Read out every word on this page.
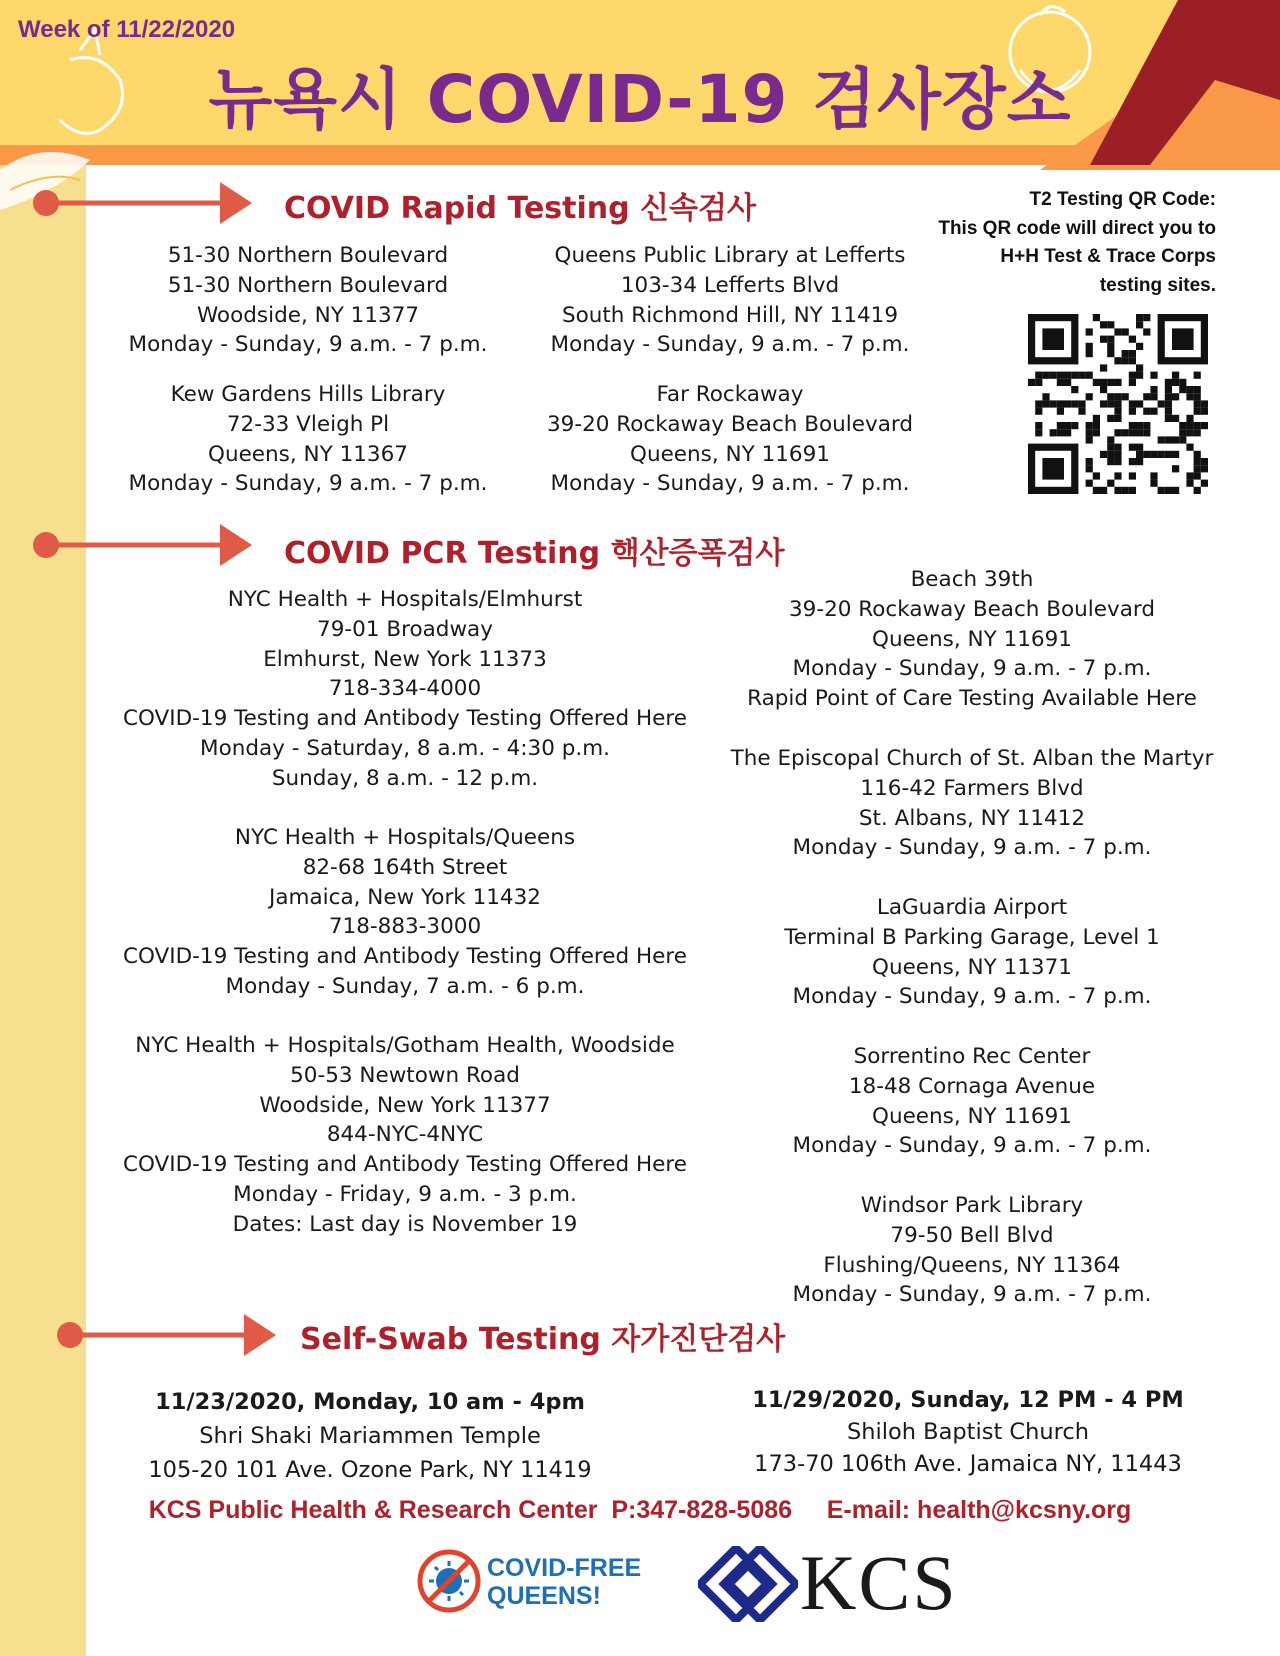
Week of 11/22/2020
뉴욕시 COVID-19 검사장소
COVID Rapid Testing 신속검사
51-30 Northern Boulevard
51-30 Northern Boulevard
Woodside, NY 11377
Monday - Sunday, 9 a.m. - 7 p.m.
Queens Public Library at Lefferts
103-34 Lefferts Blvd
South Richmond Hill, NY 11419
Monday - Sunday, 9 a.m. - 7 p.m.
Kew Gardens Hills Library
72-33 Vleigh Pl
Queens, NY 11367
Monday - Sunday, 9 a.m. - 7 p.m.
Far Rockaway
39-20 Rockaway Beach Boulevard
Queens, NY 11691
Monday - Sunday, 9 a.m. - 7 p.m.
T2 Testing QR Code:
This QR code will direct you to
H+H Test & Trace Corps
testing sites.
COVID PCR Testing 핵산증폭검사
NYC Health + Hospitals/Elmhurst
79-01 Broadway
Elmhurst, New York 11373
718-334-4000
COVID-19 Testing and Antibody Testing Offered Here
Monday - Saturday, 8 a.m. - 4:30 p.m.
Sunday, 8 a.m. - 12 p.m.
NYC Health + Hospitals/Queens
82-68 164th Street
Jamaica, New York 11432
718-883-3000
COVID-19 Testing and Antibody Testing Offered Here
Monday - Sunday, 7 a.m. - 6 p.m.
NYC Health + Hospitals/Gotham Health, Woodside
50-53 Newtown Road
Woodside, New York 11377
844-NYC-4NYC
COVID-19 Testing and Antibody Testing Offered Here
Monday - Friday, 9 a.m. - 3 p.m.
Dates: Last day is November 19
Beach 39th
39-20 Rockaway Beach Boulevard
Queens, NY 11691
Monday - Sunday, 9 a.m. - 7 p.m.
Rapid Point of Care Testing Available Here
The Episcopal Church of St. Alban the Martyr
116-42 Farmers Blvd
St. Albans, NY 11412
Monday - Sunday, 9 a.m. - 7 p.m.
LaGuardia Airport
Terminal B Parking Garage, Level 1
Queens, NY 11371
Monday - Sunday, 9 a.m. - 7 p.m.
Sorrentino Rec Center
18-48 Cornaga Avenue
Queens, NY 11691
Monday - Sunday, 9 a.m. - 7 p.m.
Windsor Park Library
79-50 Bell Blvd
Flushing/Queens, NY 11364
Monday - Sunday, 9 a.m. - 7 p.m.
Self-Swab Testing 자가진단검사
11/23/2020, Monday, 10 am - 4pm
Shri Shaki Mariammen Temple
105-20 101 Ave. Ozone Park, NY 11419
11/29/2020, Sunday, 12 PM - 4 PM
Shiloh Baptist Church
173-70 106th Ave. Jamaica NY, 11443
KCS Public Health & Research Center  P:347-828-5086     E-mail: health@kcsny.org
COVID-FREE
QUEENS!	KCS
